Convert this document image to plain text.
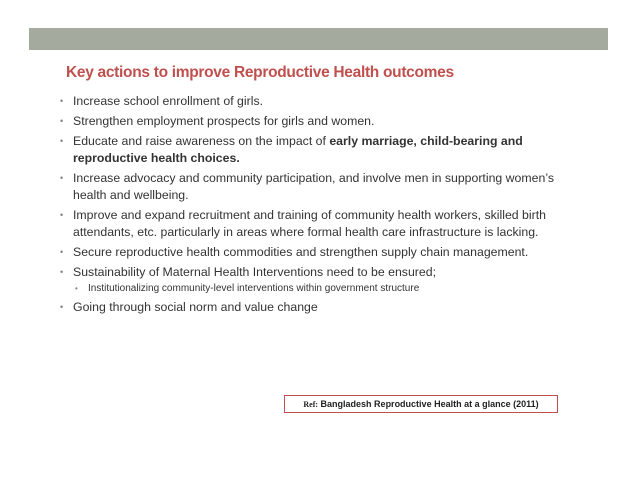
Key actions to improve Reproductive Health outcomes
• Increase school enrollment of girls.
• Strengthen employment prospects for girls and women.
• Educate and raise awareness on the impact of early marriage, child-bearing and reproductive health choices.
• Increase advocacy and community participation, and involve men in supporting women’s health and wellbeing.
• Improve and expand recruitment and training of community health workers, skilled birth attendants, etc. particularly in areas where formal health care infrastructure is lacking.
• Secure reproductive health commodities and strengthen supply chain management.
• Sustainability of Maternal Health Interventions need to be ensured;
• Institutionalizing community-level interventions within government structure
• Going through social norm and value change
Ref: Bangladesh Reproductive Health at a glance (2011)
